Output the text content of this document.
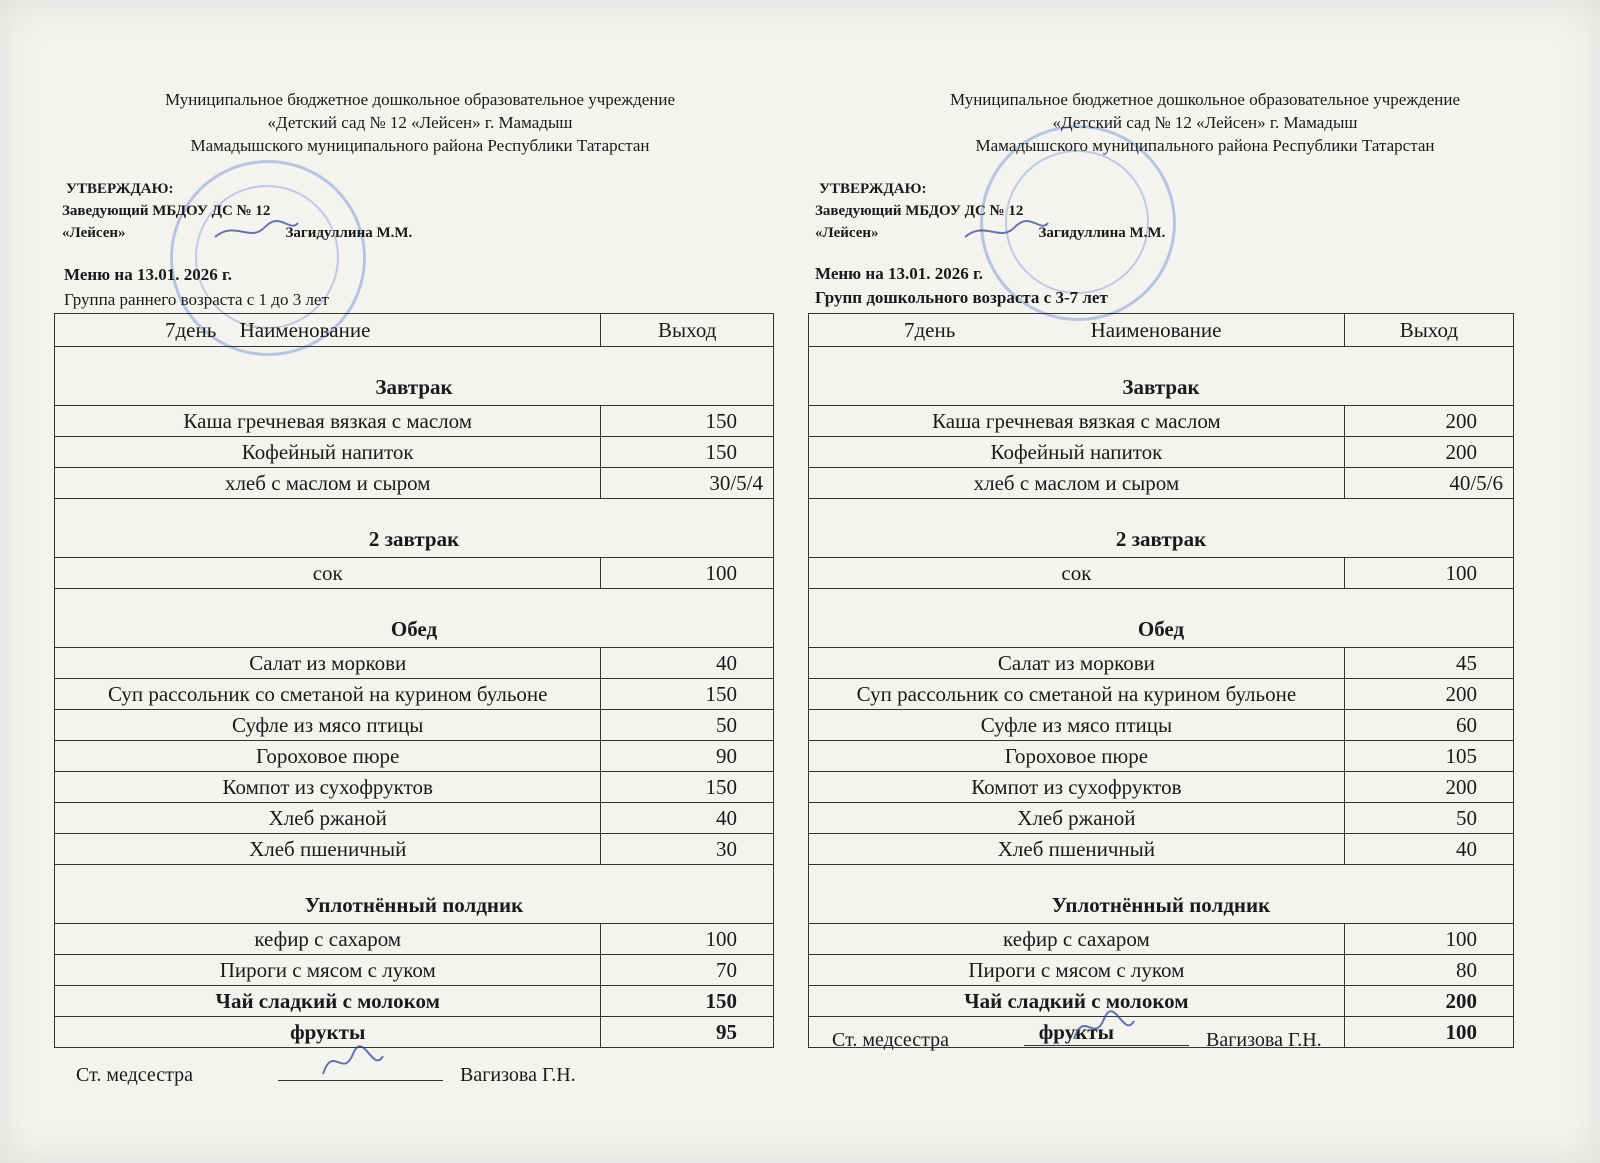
Муниципальное бюджетное дошкольное образовательное учреждение
«Детский сад № 12 «Лейсен» г. Мамадыш
Мамадышского муниципального района Республики Татарстан
УТВЕРЖДАЮ:
Заведующий МБДОУ ДС № 12
«Лейсен»	Загидуллина М.М.
Меню на 13.01. 2026 г.
Группа раннего возраста с 1 до 3 лет
7день Наименование	Выход
Завтрак	
Каша гречневая вязкая с маслом	150
Кофейный напиток	150
хлеб с маслом и сыром	30/5/4
2 завтрак	
сок	100
Обед	
Салат из моркови	40
Суп рассольник со сметаной на курином бульоне	150
Суфле из мясо птицы	50
Гороховое пюре	90
Компот из сухофруктов	150
Хлеб ржаной	40
Хлеб пшеничный	30
Уплотнённый полдник	
кефир с сахаром	100
Пироги с мясом с луком	70
Чай сладкий с молоком	150
фрукты	95
Ст. медсестра	Вагизова Г.Н.
Муниципальное бюджетное дошкольное образовательное учреждение
«Детский сад № 12 «Лейсен» г. Мамадыш
Мамадышского муниципального района Республики Татарстан
УТВЕРЖДАЮ:
Заведующий МБДОУ ДС № 12
«Лейсен»	Загидуллина М.М.
Меню на 13.01. 2026 г.
Групп дошкольного возраста с 3-7 лет
7день Наименование	Выход
Завтрак	
Каша гречневая вязкая с маслом	200
Кофейный напиток	200
хлеб с маслом и сыром	40/5/6
2 завтрак	
сок	100
Обед	
Салат из моркови	45
Суп рассольник со сметаной на курином бульоне	200
Суфле из мясо птицы	60
Гороховое пюре	105
Компот из сухофруктов	200
Хлеб ржаной	50
Хлеб пшеничный	40
Уплотнённый полдник	
кефир с сахаром	100
Пироги с мясом с луком	80
Чай сладкий с молоком	200
фрукты	100
Ст. медсестра	Вагизова Г.Н.
